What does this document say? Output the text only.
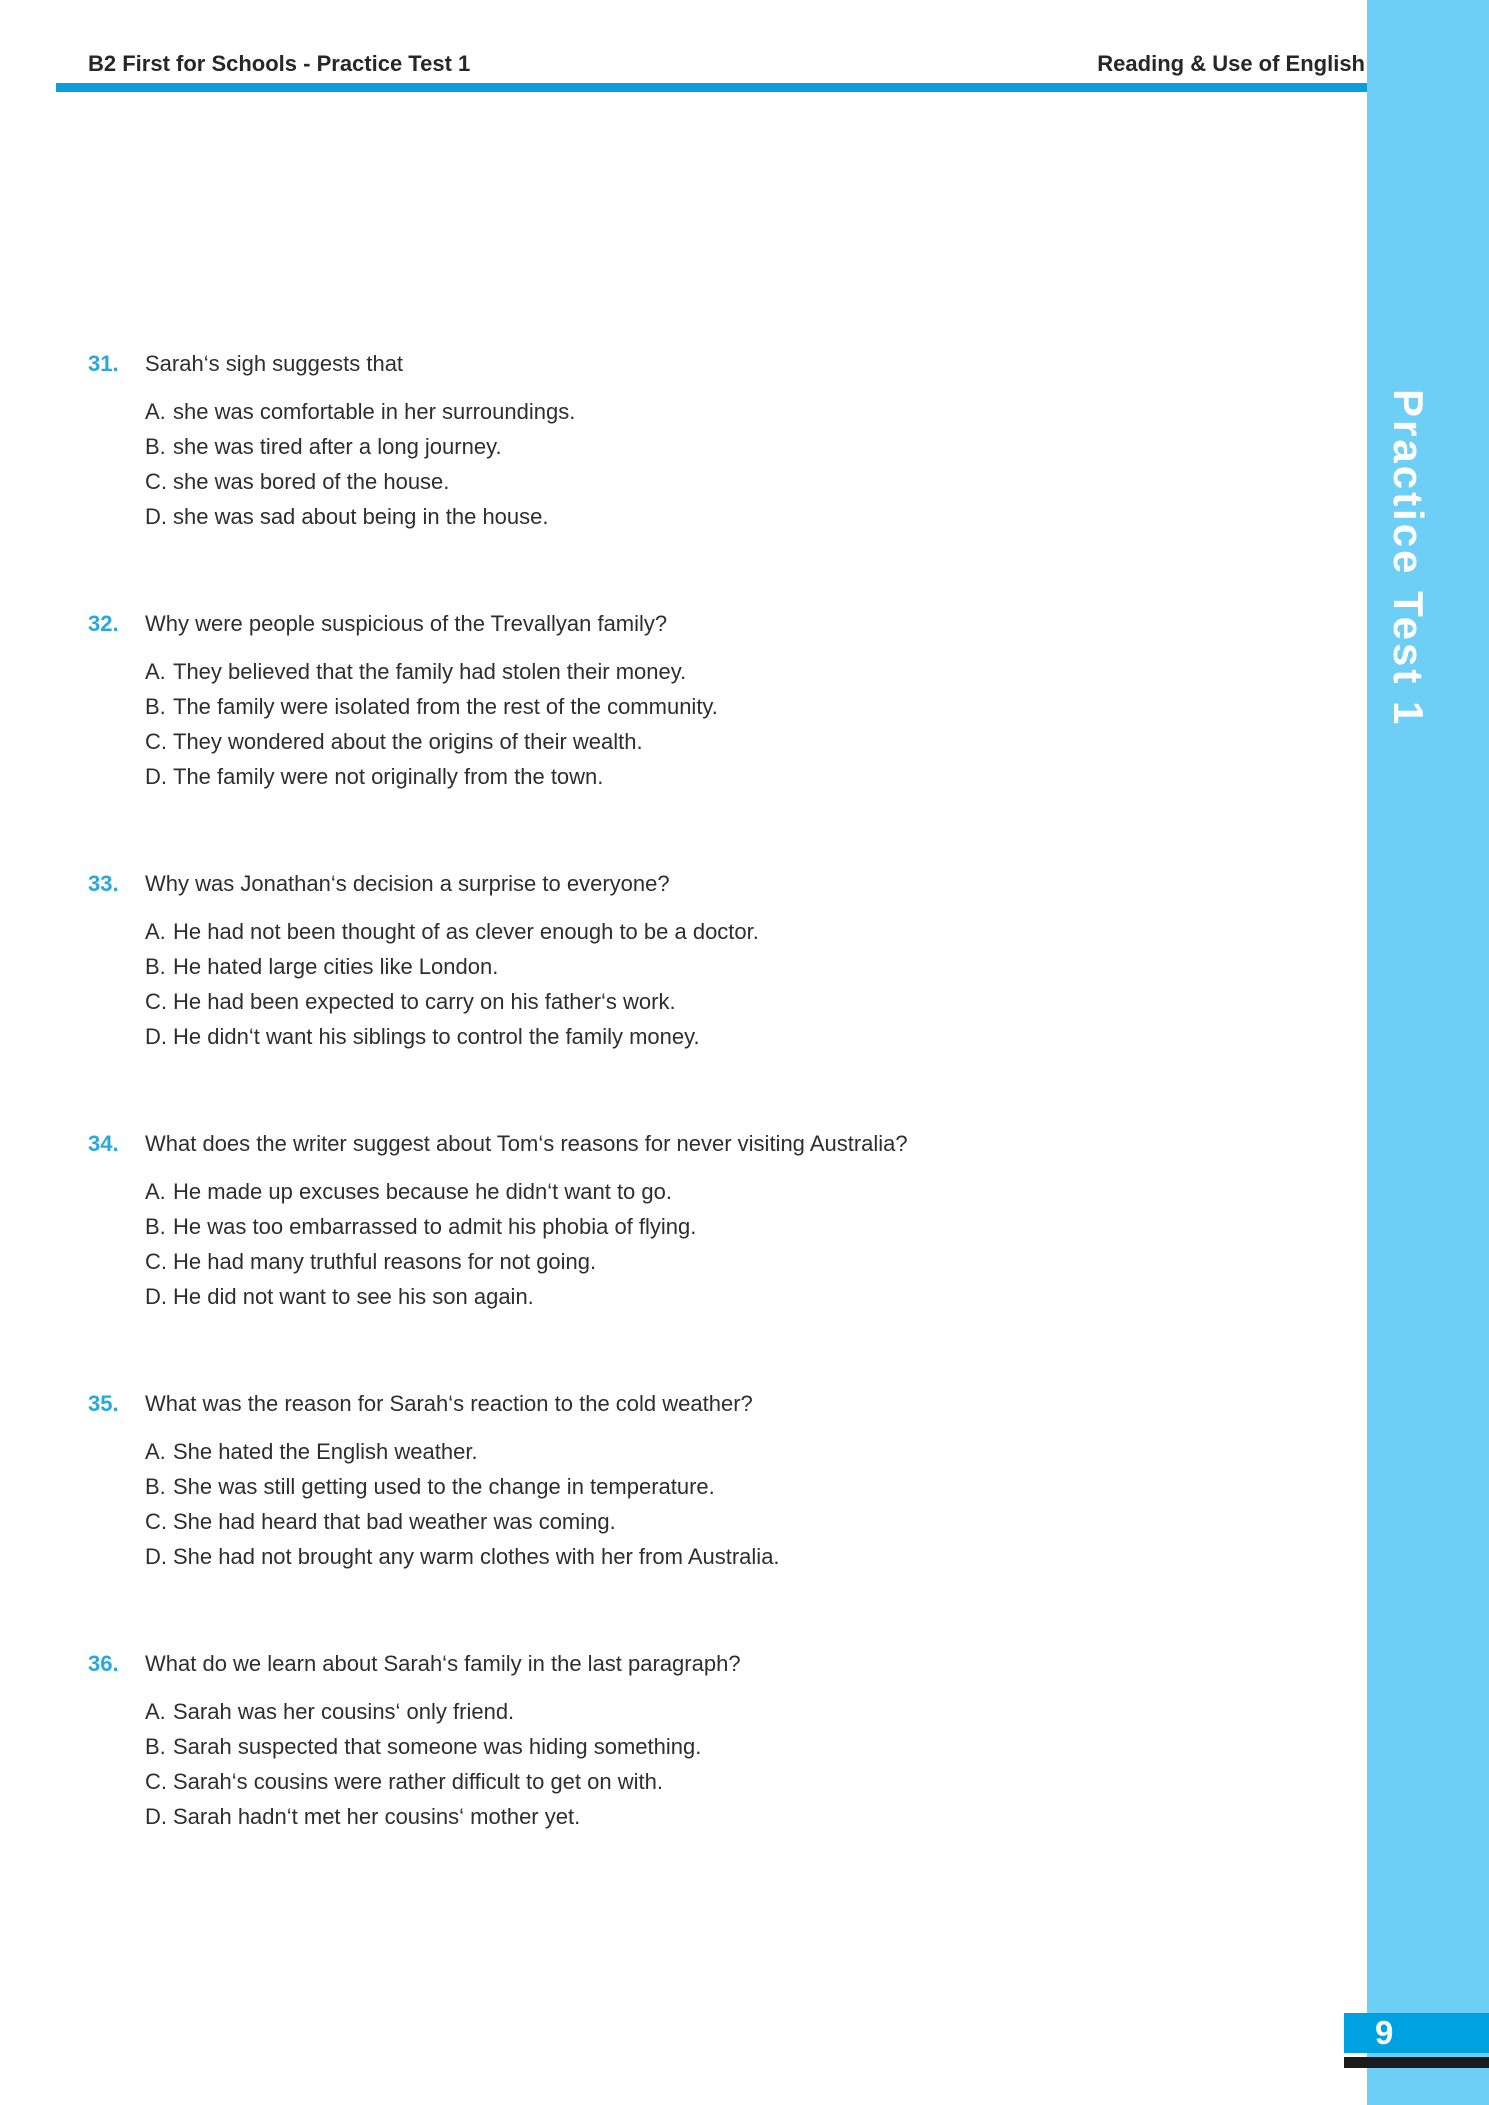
B2 First for Schools - Practice Test 1	Reading & Use of English
Practice Test 1
31.	Sarah‘s sigh suggests that
A. she was comfortable in her surroundings.
B. she was tired after a long journey.
C. she was bored of the house.
D. she was sad about being in the house.
32.	Why were people suspicious of the Trevallyan family?
A. They believed that the family had stolen their money.
B. The family were isolated from the rest of the community.
C. They wondered about the origins of their wealth.
D. The family were not originally from the town.
33.	Why was Jonathan‘s decision a surprise to everyone?
A. He had not been thought of as clever enough to be a doctor.
B. He hated large cities like London.
C. He had been expected to carry on his father‘s work.
D. He didn‘t want his siblings to control the family money.
34.	What does the writer suggest about Tom‘s reasons for never visiting Australia?
A. He made up excuses because he didn‘t want to go.
B. He was too embarrassed to admit his phobia of flying.
C. He had many truthful reasons for not going.
D. He did not want to see his son again.
35.	What was the reason for Sarah‘s reaction to the cold weather?
A. She hated the English weather.
B. She was still getting used to the change in temperature.
C. She had heard that bad weather was coming.
D. She had not brought any warm clothes with her from Australia.
36.	What do we learn about Sarah‘s family in the last paragraph?
A. Sarah was her cousins‘ only friend.
B. Sarah suspected that someone was hiding something.
C. Sarah‘s cousins were rather difficult to get on with.
D. Sarah hadn‘t met her cousins‘ mother yet.
9
